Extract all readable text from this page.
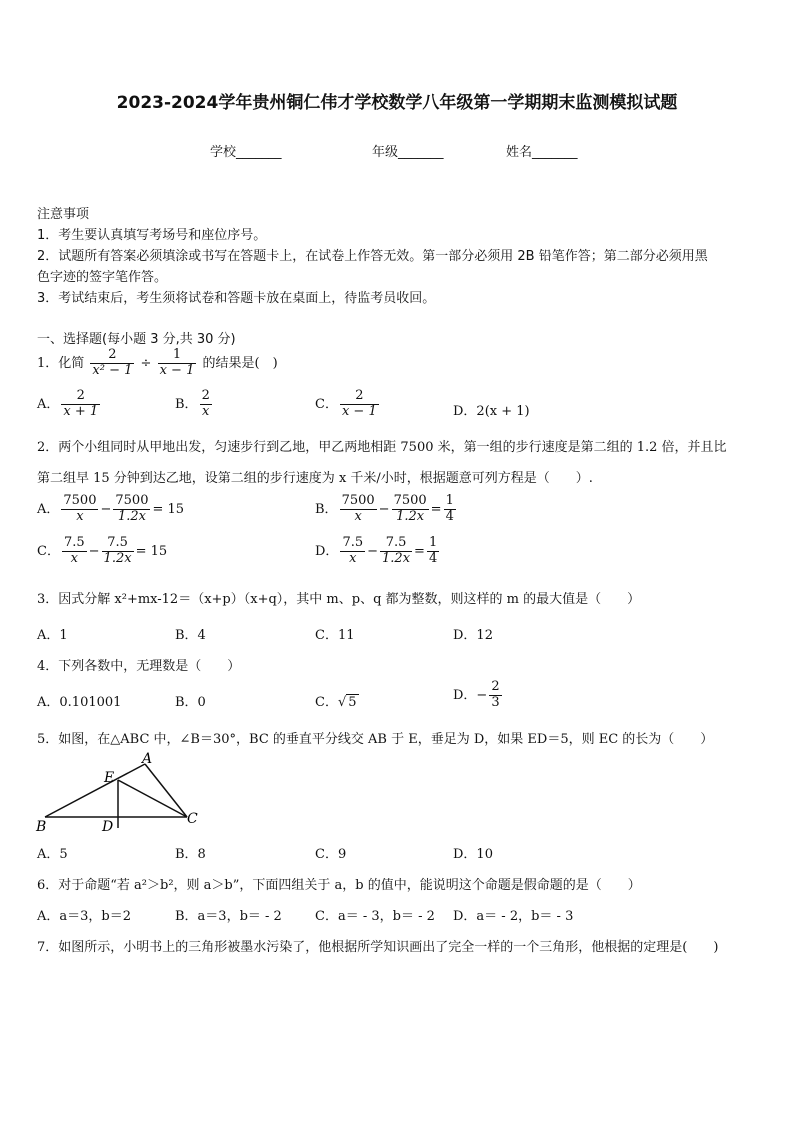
2023-2024学年贵州铜仁伟才学校数学八年级第一学期期末监测模拟试题
学校_______	年级_______	姓名_______
注意事项
1．考生要认真填写考场号和座位序号。
2．试题所有答案必须填涂或书写在答题卡上，在试卷上作答无效。第一部分必须用 2B 铅笔作答；第二部分必须用黑
色字迹的签字笔作答。
3．考试结束后，考生须将试卷和答题卡放在桌面上，待监考员收回。
一、选择题(每小题 3 分,共 30 分)
1．化简 $\frac{2}{\text{x² − 1}} \div \frac{1}{x - 1}$ 的结果是(　)
A． $\frac{2}{x + 1}$	B． $\frac{2}{x}$	C． $\frac{2}{x - 1}$	D．2(x + 1)
2．两个小组同时从甲地出发，匀速步行到乙地，甲乙两地相距 7500 米，第一组的步行速度是第二组的 1.2 倍，并且比
第二组早 15 分钟到达乙地，设第二组的步行速度为 x 千米/小时，根据题意可列方程是（　　）.
A． $\frac{7500}{x} - \frac{7500}{1.2x} = 15$	B． $\frac{7500}{x} - \frac{7500}{1.2x} = \frac{1}{4}$
C． $\frac{7.5}{x} - \frac{7.5}{1.2x} = 15$	D． $\frac{7.5}{x} - \frac{7.5}{1.2x} = \frac{1}{4}$
3．因式分解 x²+mx-12＝（x+p）（x+q），其中 m、p、q 都为整数，则这样的 m 的最大值是（　　）
A．1	B．4	C．11	D．12
4．下列各数中，无理数是（　　）
A．0.101001	B．0	C．√ 5	D．− $\frac{2}{3}$
5．如图，在△ABC 中，∠B＝30°，BC 的垂直平分线交 AB 于 E，垂足为 D，如果 ED＝5，则 EC 的长为（　　）
A
B	C
D
E
A．5	B．8	C．9	D．10
6．对于命题“若 a²＞b²，则 a＞b”，下面四组关于 a，b 的值中，能说明这个命题是假命题的是（　　）
A．a＝3，b＝2	B．a＝3，b＝ - 2	C．a＝ - 3，b＝ - 2 D．a＝ - 2，b＝ - 3
7．如图所示，小明书上的三角形被墨水污染了，他根据所学知识画出了完全一样的一个三角形，他根据的定理是(　　)
